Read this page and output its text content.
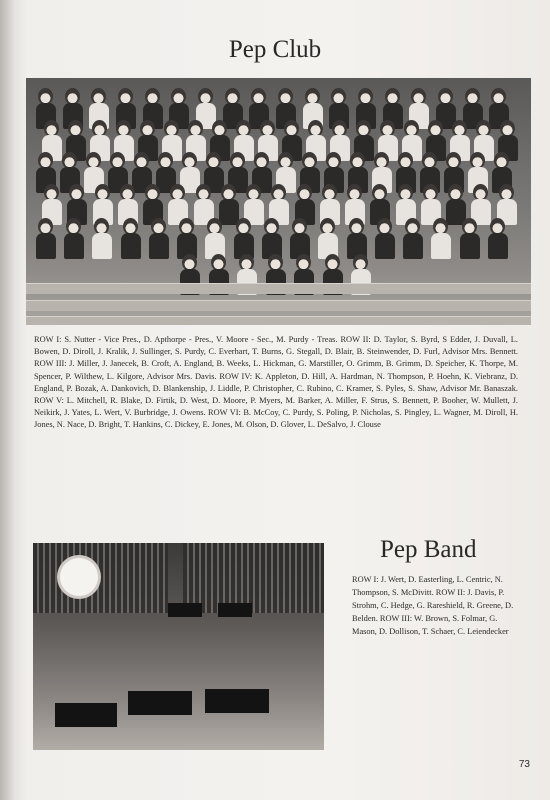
Pep Club

ROW I: S. Nutter - Vice Pres., D. Apthorpe - Pres., V. Moore - Sec., M. Purdy - Treas. ROW II: D. Taylor, S. Byrd, S Edder, J. Duvall, L. Bowen, D. Diroll, J. Kralik, J. Sullinger, S. Purdy, C. Everhart, T. Burns, G. Stegall, D. Blair, B. Steinwender, D. Furl, Advisor Mrs. Bennett. ROW III: J. Miller, J. Janecek, B. Croft, A. England, B. Weeks, L. Hickman, G. Marstiller, O. Grimm, B. Grimm, D. Speicher, K. Thorpe, M. Spencer, P. Wilthew, L. Kilgore, Advisor Mrs. Davis. ROW IV: K. Appleton, D. Hill, A. Hardman, N. Thompson, P. Hoehn, K. Viebranz, D. England, P. Bozak, A. Dankovich, D. Blankenship, J. Liddle, P. Christopher, C. Rubino, C. Kramer, S. Pyles, S. Shaw, Advisor Mr. Banaszak. ROW V: L. Mitchell, R. Blake, D. Firtik, D. West, D. Moore, P. Myers, M. Barker, A. Miller, F. Strus, S. Bennett, P. Booher, W. Mullett, J. Neikirk, J. Yates, L. Wert, V. Burbridge, J. Owens. ROW VI: B. McCoy, C. Purdy, S. Poling, P. Nicholas, S. Pingley, L. Wagner, M. Diroll, H. Jones, N. Nace, D. Bright, T. Hankins, C. Dickey, E. Jones, M. Olson, D. Glover, L. DeSalvo, J. Clouse

Pep Band

ROW I: J. Wert, D. Easterling, L. Centric, N. Thompson, S. McDivitt. ROW II: J. Davis, P. Strohm, C. Hedge, G. Rareshield, R. Greene, D. Belden. ROW III: W. Brown, S. Folmar, G. Mason, D. Dollison, T. Schaer, C. Leiendecker

73
